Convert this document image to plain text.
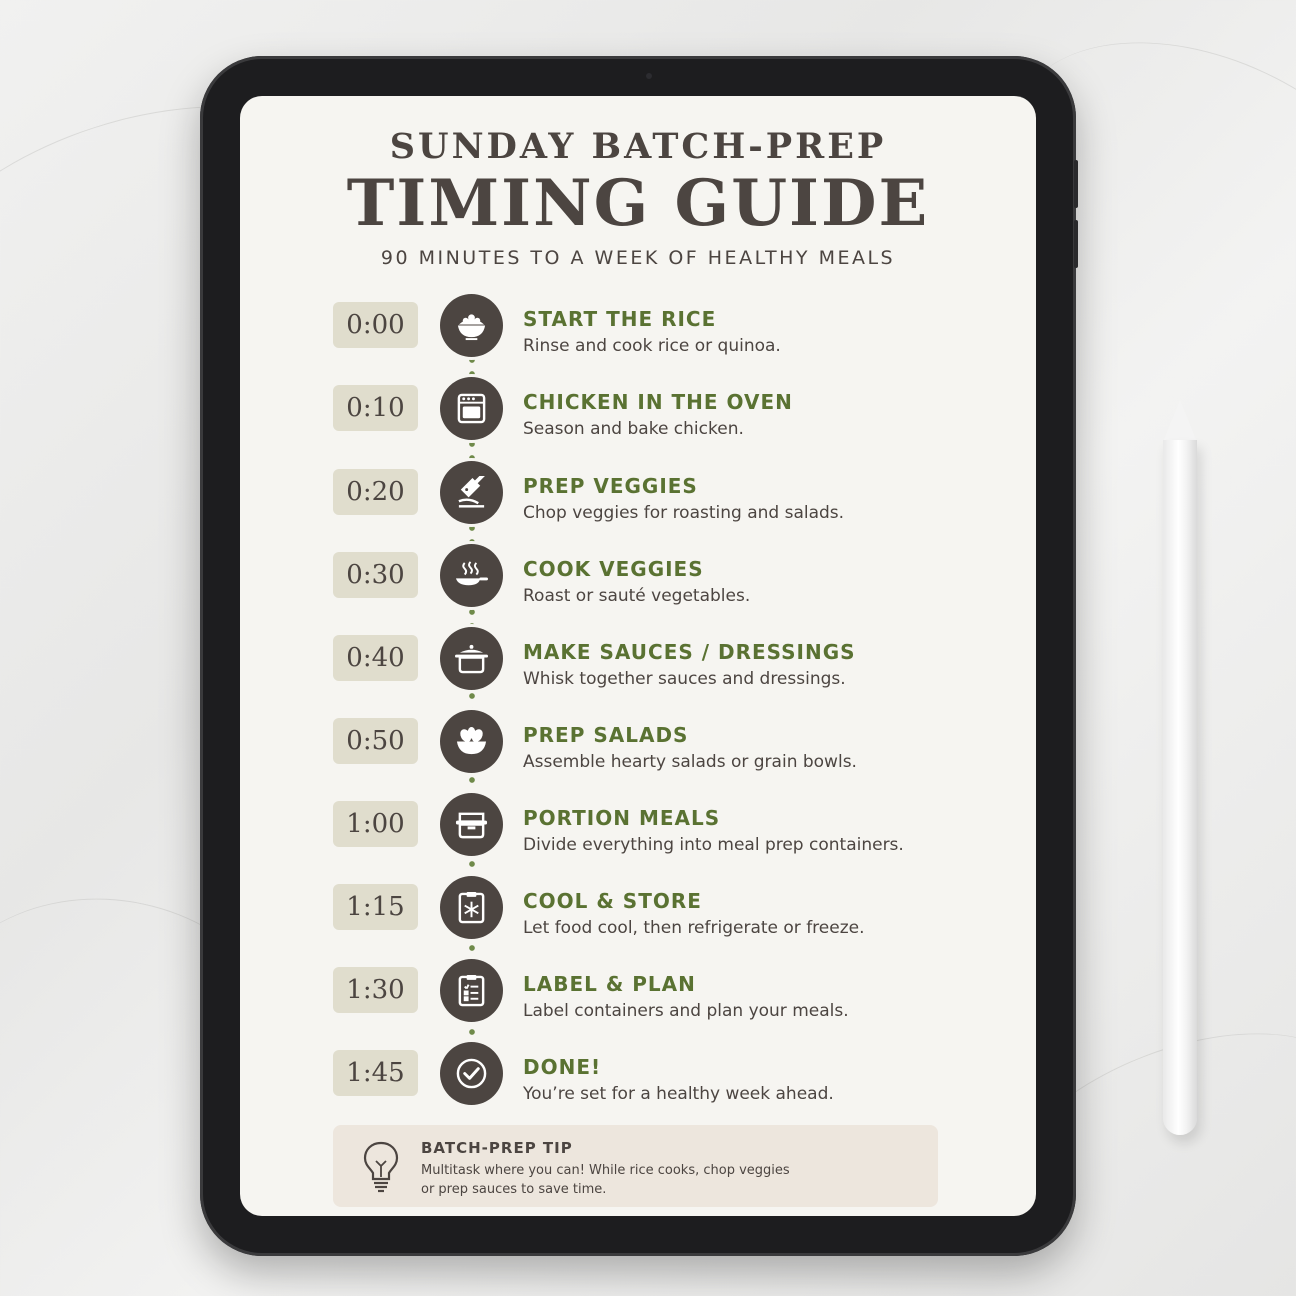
SUNDAY BATCH-PREP
TIMING GUIDE
90 MINUTES TO A WEEK OF HEALTHY MEALS
0:00	START THE RICE
Rinse and cook rice or quinoa.
0:10	CHICKEN IN THE OVEN
Season and bake chicken.
0:20	PREP VEGGIES
Chop veggies for roasting and salads.
0:30	COOK VEGGIES
Roast or sauté vegetables.
0:40	MAKE SAUCES / DRESSINGS
Whisk together sauces and dressings.
0:50	PREP SALADS
Assemble hearty salads or grain bowls.
1:00	PORTION MEALS
Divide everything into meal prep containers.
1:15	COOL & STORE
Let food cool, then refrigerate or freeze.
1:30	LABEL & PLAN
Label containers and plan your meals.
1:45	DONE!
You’re set for a healthy week ahead.
BATCH-PREP TIP
Multitask where you can! While rice cooks, chop veggies
or prep sauces to save time.
